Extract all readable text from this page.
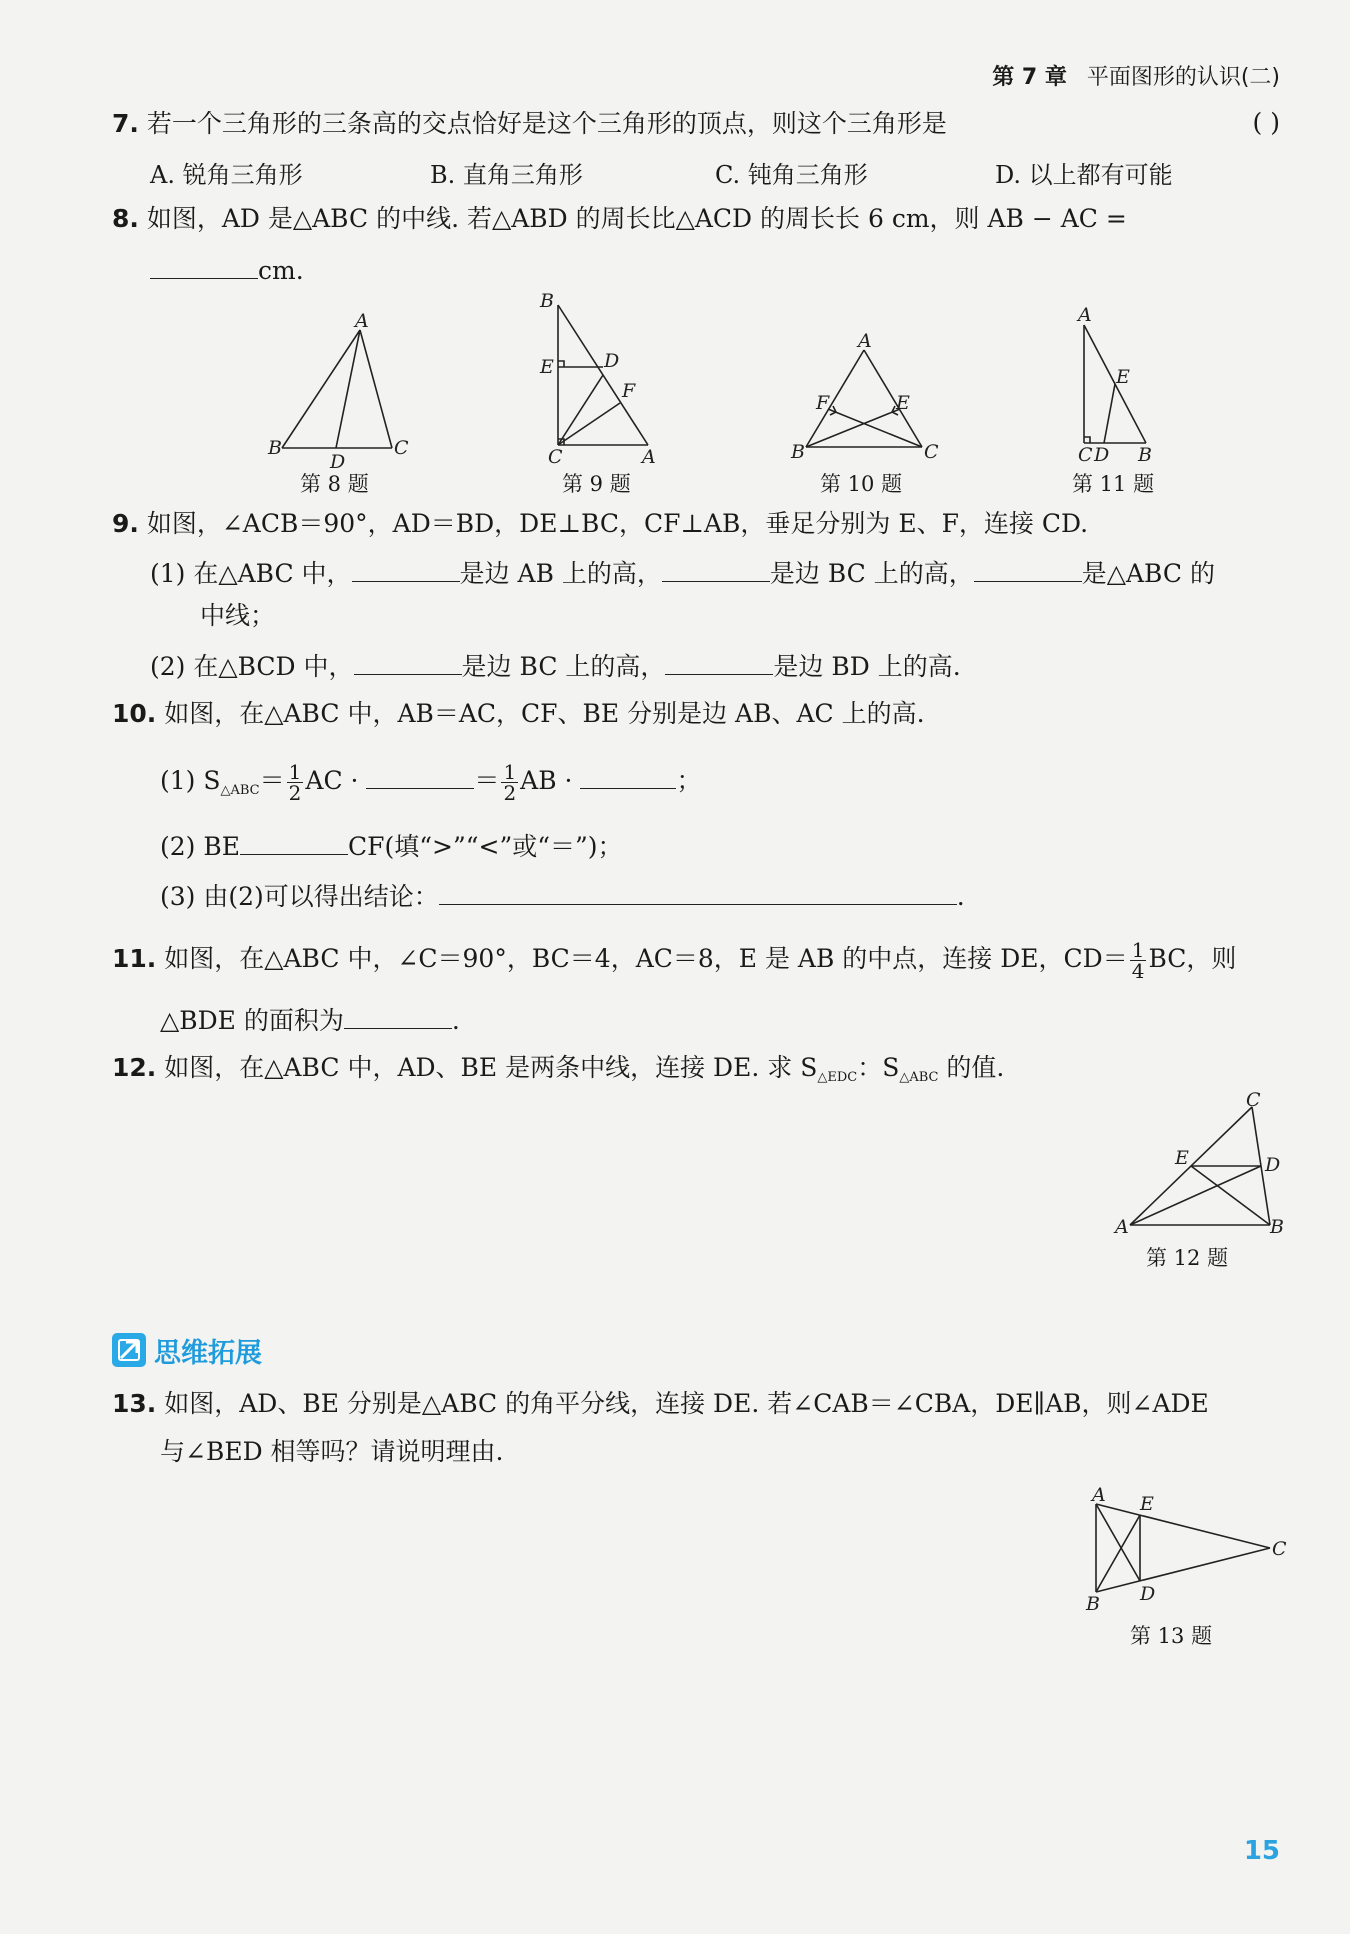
第 7 章 平面图形的认识(二)
7. 若一个三角形的三条高的交点恰好是这个三角形的顶点，则这个三角形是	( )
A. 锐角三角形	B. 直角三角形	C. 钝角三角形	D. 以上都有可能
8. 如图，AD 是△ABC 的中线. 若△ABD 的周长比△ACD 的周长长 6 cm，则 AB − AC =
cm.
A
B
D
C
第 8 题
B
E	D
F
C	A
第 9 题
A
F	E
B	C
第 10 题
A
E
C D B
第 11 题
9. 如图，∠ACB＝90°，AD＝BD，DE⊥BC，CF⊥AB，垂足分别为 E、F，连接 CD.
(1) 在△ABC 中，	是边 AB 上的高，	是边 BC 上的高，	是△ABC 的
中线；
(2) 在△BCD 中，	是边 BC 上的高，	是边 BD 上的高.
10. 如图，在△ABC 中，AB＝AC，CF、BE 分别是边 AB、AC 上的高.
(1) $S_{\triangle ABC}= \frac{1}{2}$ AC ·	＝ $\frac{1}{2}$ AB ·	；
(2) BE	CF(填“>”“<”或“＝”)；
(3) 由(2)可以得出结论：	.
11. 如图，在△ABC 中，∠C＝90°，BC＝4，AC＝8，E 是 AB 的中点，连接 DE，$CD= \frac{1}{4}$ BC，则
△BDE 的面积为	.
12. 如图，在△ABC 中，AD、BE 是两条中线，连接 DE. 求 $S_{\triangle EDC}$：$S_{\triangle ABC}$ 的值.
C
E	D
A	B
第 12 题
思维拓展
13. 如图，AD、BE 分别是△ABC 的角平分线，连接 DE. 若∠CAB＝∠CBA，DE∥AB，则∠ADE
与∠BED 相等吗？请说明理由.
A E
C
D
B
第 13 题
15
